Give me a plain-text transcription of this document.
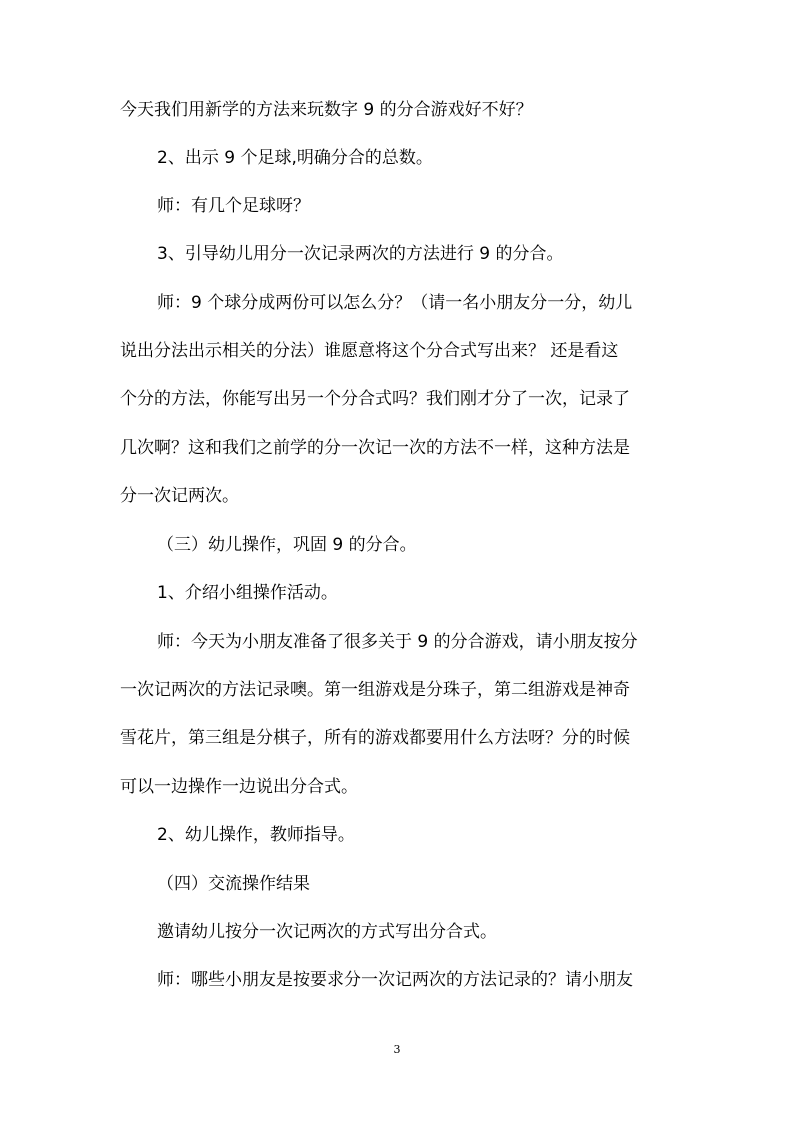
今天我们用新学的方法来玩数字 9 的分合游戏好不好？
2、出示 9 个足球,明确分合的总数。
师：有几个足球呀？
3、引导幼儿用分一次记录两次的方法进行 9 的分合。
师：9 个球分成两份可以怎么分？（请一名小朋友分一分，幼儿
说出分法出示相关的分法）谁愿意将这个分合式写出来？ 还是看这
个分的方法，你能写出另一个分合式吗？我们刚才分了一次，记录了
几次啊？这和我们之前学的分一次记一次的方法不一样，这种方法是
分一次记两次。
（三）幼儿操作，巩固 9 的分合。
1、介绍小组操作活动。
师：今天为小朋友准备了很多关于 9 的分合游戏，请小朋友按分
一次记两次的方法记录噢。第一组游戏是分珠子，第二组游戏是神奇
雪花片，第三组是分棋子，所有的游戏都要用什么方法呀？分的时候
可以一边操作一边说出分合式。
2、幼儿操作，教师指导。
（四）交流操作结果
邀请幼儿按分一次记两次的方式写出分合式。
师：哪些小朋友是按要求分一次记两次的方法记录的？请小朋友
3
